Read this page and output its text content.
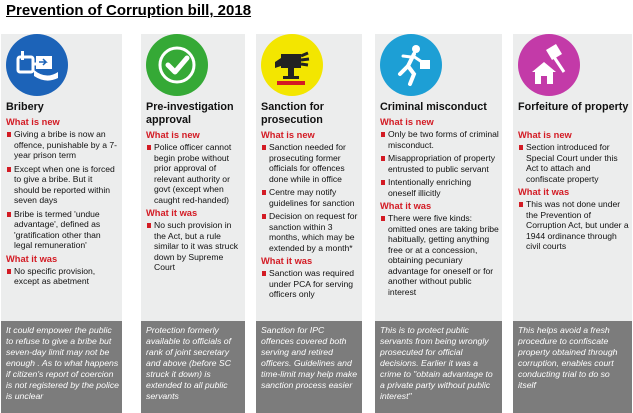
Prevention of Corruption bill, 2018
Bribery
What is new
Giving a bribe is now an offence, punishable by a 7-year prison term
Except when one is forced to give a bribe. But it should be reported within seven days
Bribe is termed 'undue advantage', defined as 'gratification other than legal remuneration'
What it was
No specific provision, except as abetment
It could empower the public to refuse to give a bribe but seven-day limit may not be enough . As to what happens if citizen's report of coercion is not registered by the police is unclear
Pre-investigation approval
What is new
Police officer cannot begin probe without prior approval of relevant authority or govt (except when caught red-handed)
What it was
No such provision in the Act, but a rule similar to it was struck down by Supreme Court
Protection formerly available to officials of rank of joint secretary and above (before SC struck it down) is extended to all public servants
Sanction for prosecution
What is new
Sanction needed for prosecuting former officials for offences done while in office
Centre may notify guidelines for sanction
Decision on request for sanction within 3 months, which may be extended by a month*
What it was
Sanction was required under PCA for serving officers only
Sanction for IPC offences covered both serving and retired officers. Guidelines and time-limit may help make sanction process easier
Criminal misconduct
What is new
Only be two forms of criminal misconduct.
Misappropriation of property entrusted to public servant
Intentionally enriching oneself illicitly
What it was
There were five kinds: omitted ones are taking bribe habitually, getting anything free or at a concession, obtaining pecuniary advantage for oneself or for another without public interest
This is to protect public servants from being wrongly prosecuted for official decisions. Earlier it was a crime to "obtain advantage to a private party without public interest"
Forfeiture of property
What is new
Section introduced for Special Court under this Act to attach and confiscate property
What it was
This was not done under the Prevention of Corruption Act, but under a 1944 ordinance through civil courts
This helps avoid a fresh procedure to confiscate property obtained through corruption, enables court conducting trial to do so itself
